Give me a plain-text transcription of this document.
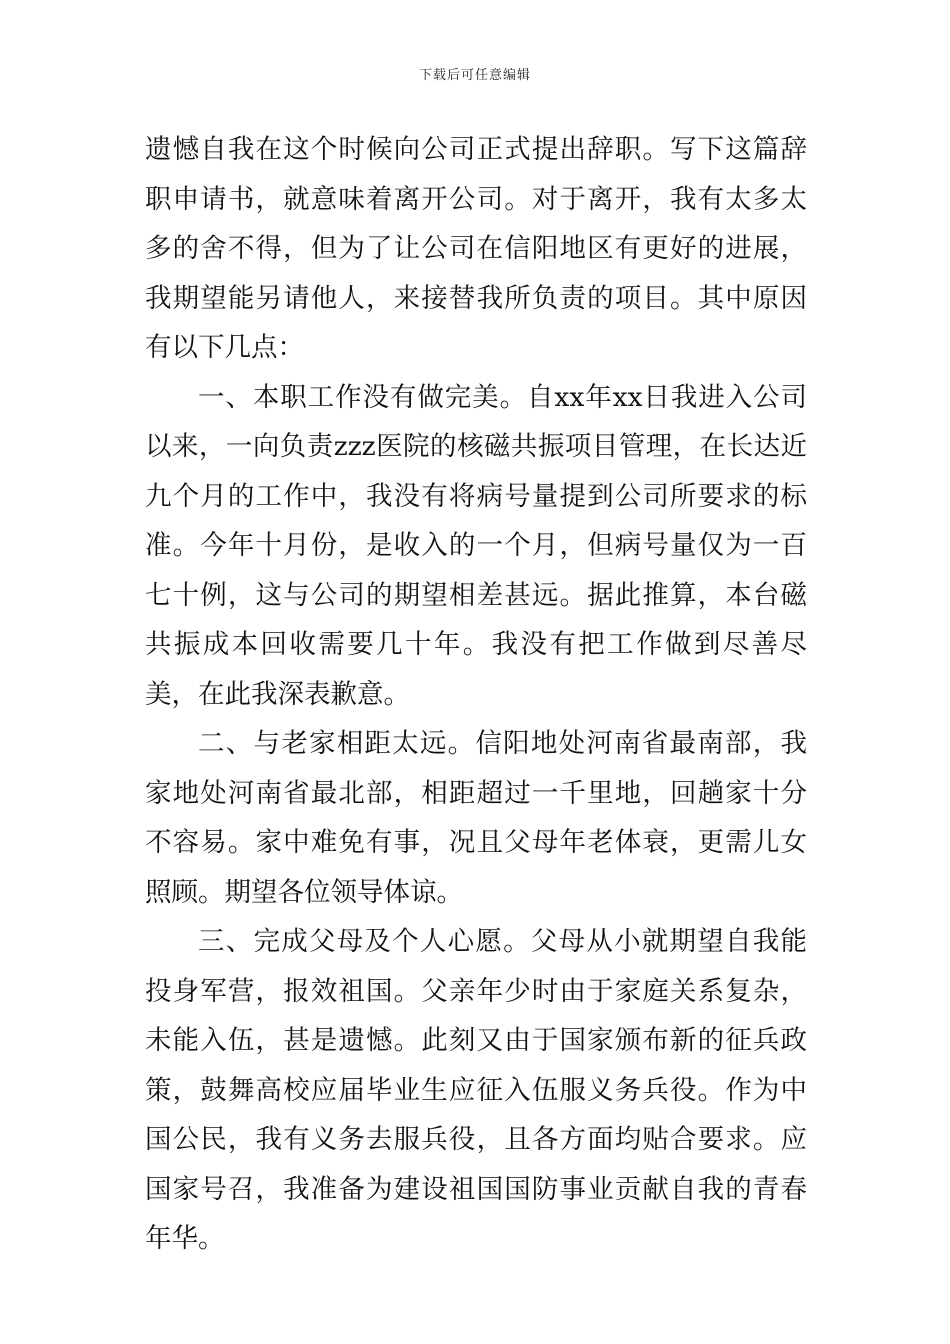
下载后可任意编辑

遗憾自我在这个时候向公司正式提出辞职。写下这篇辞职申请书，就意味着离开公司。对于离开，我有太多太多的舍不得，但为了让公司在信阳地区有更好的进展，我期望能另请他人，来接替我所负责的项目。其中原因有以下几点：

一、本职工作没有做完美。自xx年xx日我进入公司以来，一向负责zzz医院的核磁共振项目管理，在长达近九个月的工作中，我没有将病号量提到公司所要求的标准。今年十月份，是收入的一个月，但病号量仅为一百七十例，这与公司的期望相差甚远。据此推算，本台磁共振成本回收需要几十年。我没有把工作做到尽善尽美，在此我深表歉意。

二、与老家相距太远。信阳地处河南省最南部，我家地处河南省最北部，相距超过一千里地，回趟家十分不容易。家中难免有事，况且父母年老体衰，更需儿女照顾。期望各位领导体谅。

三、完成父母及个人心愿。父母从小就期望自我能投身军营，报效祖国。父亲年少时由于家庭关系复杂，未能入伍，甚是遗憾。此刻又由于国家颁布新的征兵政策，鼓舞高校应届毕业生应征入伍服义务兵役。作为中国公民，我有义务去服兵役，且各方面均贴合要求。应国家号召，我准备为建设祖国国防事业贡献自我的青春年华。
